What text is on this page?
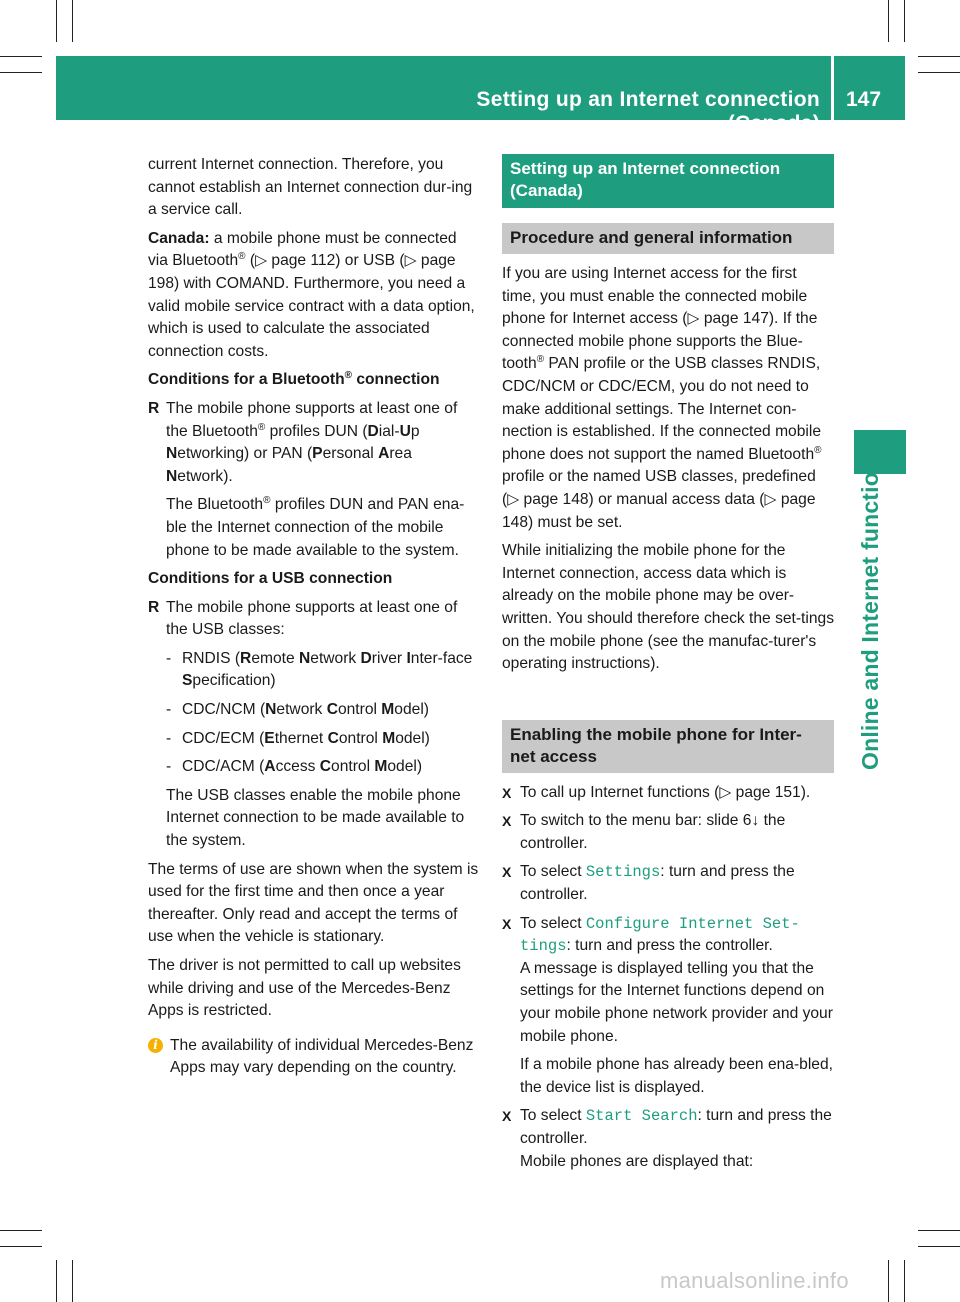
Setting up an Internet connection (Canada)
147
Online and Internet functions

current Internet connection. Therefore, you cannot establish an Internet connection dur-ing a service call.

Canada: a mobile phone must be connected via Bluetooth® (▷ page 112) or USB (▷ page 198) with COMAND. Furthermore, you need a valid mobile service contract with a data option, which is used to calculate the associated connection costs.

Conditions for a Bluetooth® connection

R The mobile phone supports at least one of the Bluetooth® profiles DUN (Dial-Up Networking) or PAN (Personal Area Network).

The Bluetooth® profiles DUN and PAN ena-ble the Internet connection of the mobile phone to be made available to the system.

Conditions for a USB connection

R The mobile phone supports at least one of the USB classes:

- RNDIS (Remote Network Driver Inter-face Specification)

- CDC/NCM (Network Control Model)

- CDC/ECM (Ethernet Control Model)

- CDC/ACM (Access Control Model)

The USB classes enable the mobile phone Internet connection to be made available to the system.

The terms of use are shown when the system is used for the first time and then once a year thereafter. Only read and accept the terms of use when the vehicle is stationary.

The driver is not permitted to call up websites while driving and use of the Mercedes-Benz Apps is restricted.

i The availability of individual Mercedes-Benz Apps may vary depending on the country.

Setting up an Internet connection (Canada)
Procedure and general information

If you are using Internet access for the first time, you must enable the connected mobile phone for Internet access (▷ page 147). If the connected mobile phone supports the Blue-tooth® PAN profile or the USB classes RNDIS, CDC/NCM or CDC/ECM, you do not need to make additional settings. The Internet con-nection is established. If the connected mobile phone does not support the named Bluetooth® profile or the named USB classes, predefined (▷ page 148) or manual access data (▷ page 148) must be set.

While initializing the mobile phone for the Internet connection, access data which is already on the mobile phone may be over-written. You should therefore check the set-tings on the mobile phone (see the manufac-turer's operating instructions).

Enabling the mobile phone for Inter-net access

X To call up Internet functions (▷ page 151).

X To switch to the menu bar: slide 6↓ the controller.

X To select Settings: turn and press the controller.

X To select Configure Internet Set-tings: turn and press the controller.

A message is displayed telling you that the settings for the Internet functions depend on your mobile phone network provider and your mobile phone.

If a mobile phone has already been ena-bled, the device list is displayed.

X To select Start Search: turn and press the controller.

Mobile phones are displayed that:

manualsonline.info
